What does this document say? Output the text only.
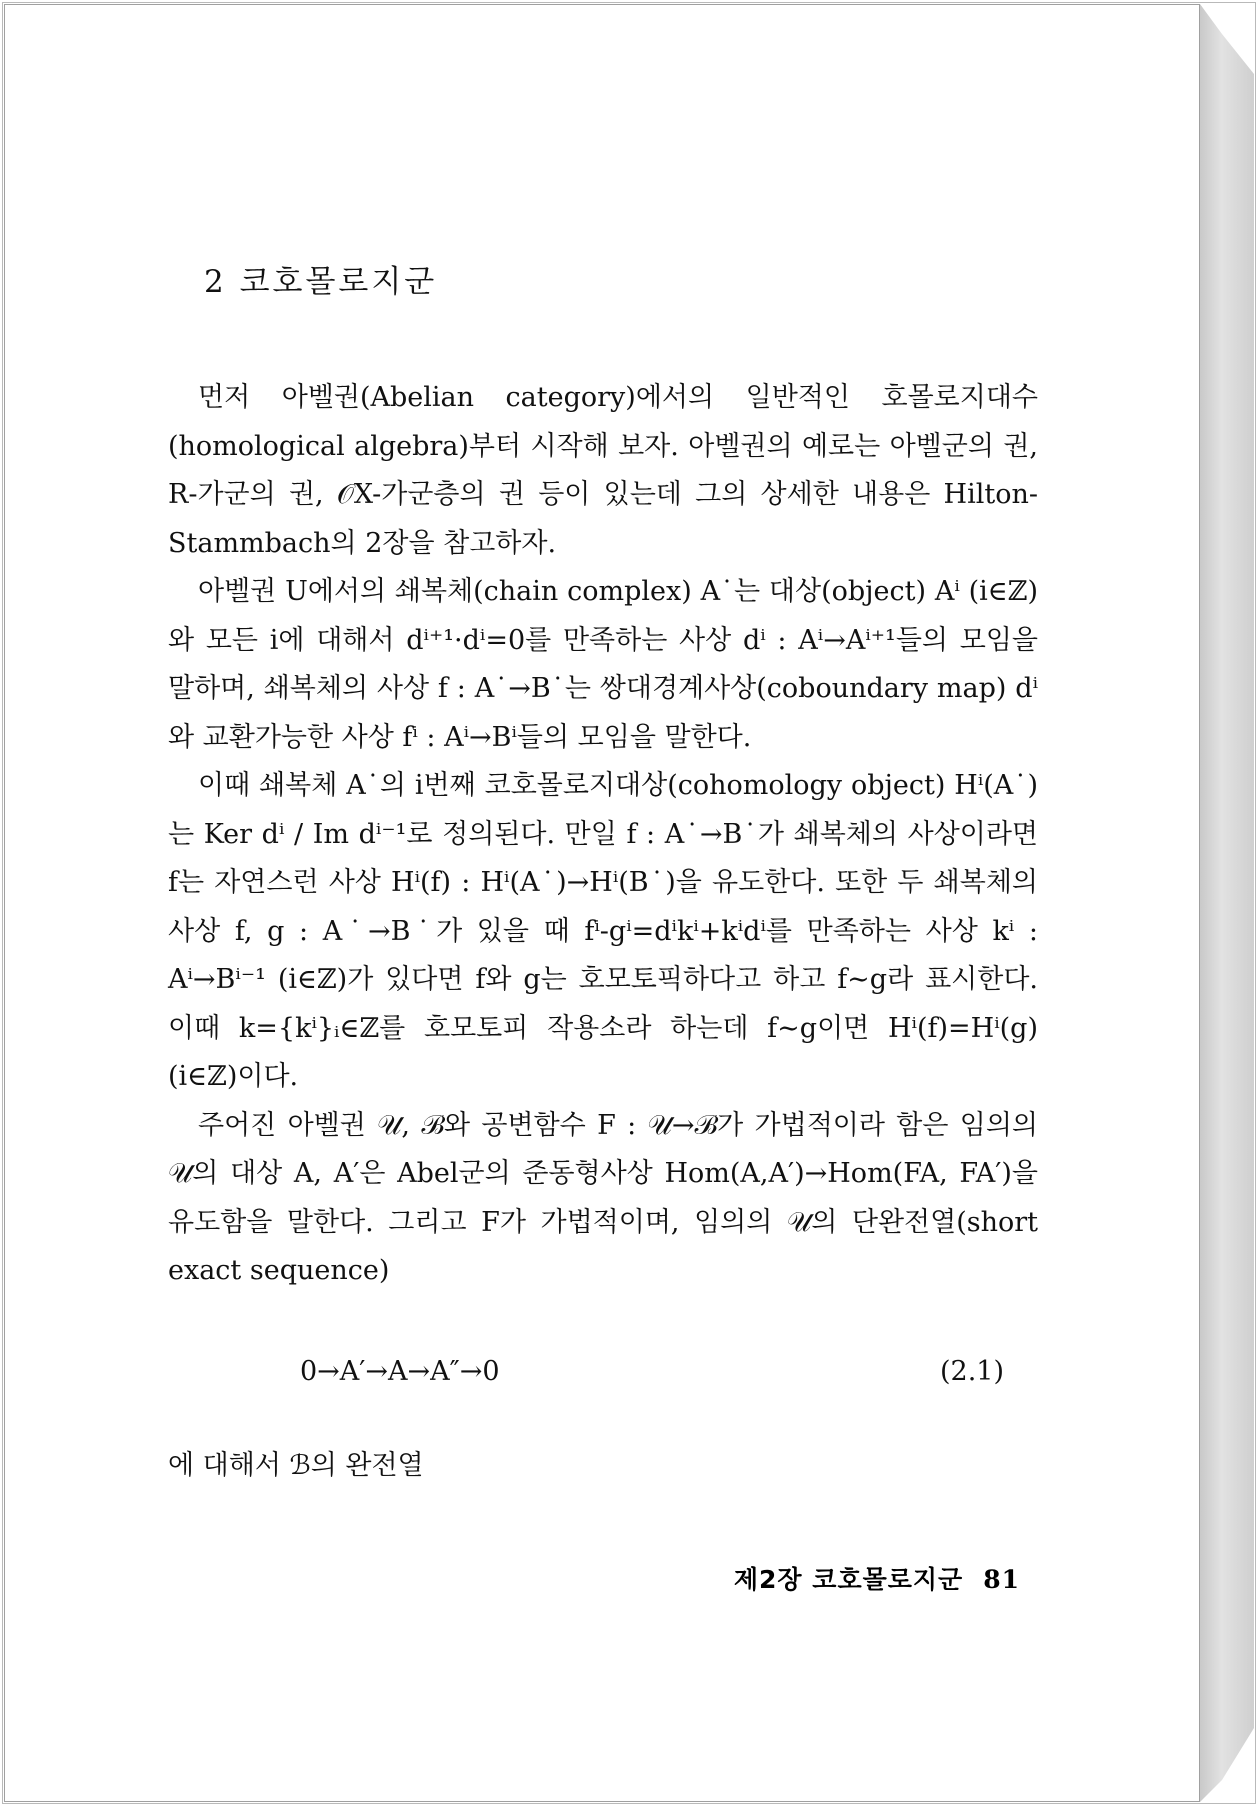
2 코호몰로지군

먼저 아벨권(Abelian category)에서의 일반적인 호몰로지대수 (homological algebra)부터 시작해 보자. 아벨권의 예로는 아벨군의 권, R-가군의 권, 𝒪X-가군층의 권 등이 있는데 그의 상세한 내용은 Hilton-Stammbach의 2장을 참고하자.

아벨권 U에서의 쇄복체(chain complex) A˙는 대상(object) Aⁱ (i∈ℤ)와 모든 i에 대해서 dⁱ⁺¹·dⁱ=0를 만족하는 사상 dⁱ : Aⁱ→Aⁱ⁺¹들의 모임을 말하며, 쇄복체의 사상 f : A˙→B˙는 쌍대경계사상(coboundary map) dⁱ와 교환가능한 사상 fⁱ : Aⁱ→Bⁱ들의 모임을 말한다.

이때 쇄복체 A˙의 i번째 코호몰로지대상(cohomology object) Hⁱ(A˙)는 Ker dⁱ / Im dⁱ⁻¹로 정의된다. 만일 f : A˙→B˙가 쇄복체의 사상이라면 f는 자연스런 사상 Hⁱ(f) : Hⁱ(A˙)→Hⁱ(B˙)을 유도한다. 또한 두 쇄복체의 사상 f, g : A˙→B˙가 있을 때 fⁱ-gⁱ=dⁱkⁱ+kⁱdⁱ를 만족하는 사상 kⁱ : Aⁱ→Bⁱ⁻¹ (i∈ℤ)가 있다면 f와 g는 호모토픽하다고 하고 f∼g라 표시한다. 이때 k={kⁱ}ᵢ∈ℤ를 호모토피 작용소라 하는데 f∼g이면 Hⁱ(f)=Hⁱ(g) (i∈ℤ)이다.

주어진 아벨권 𝒰, ℬ와 공변함수 F : 𝒰→ℬ가 가법적이라 함은 임의의 𝒰의 대상 A, A′은 Abel군의 준동형사상 Hom(A,A′)→Hom(FA, FA′)을 유도함을 말한다. 그리고 F가 가법적이며, 임의의 𝒰의 단완전열(short exact sequence)

0→A′→A→A″→0	(2.1)

에 대해서 ℬ의 완전열

제2장 코호몰로지군 81
